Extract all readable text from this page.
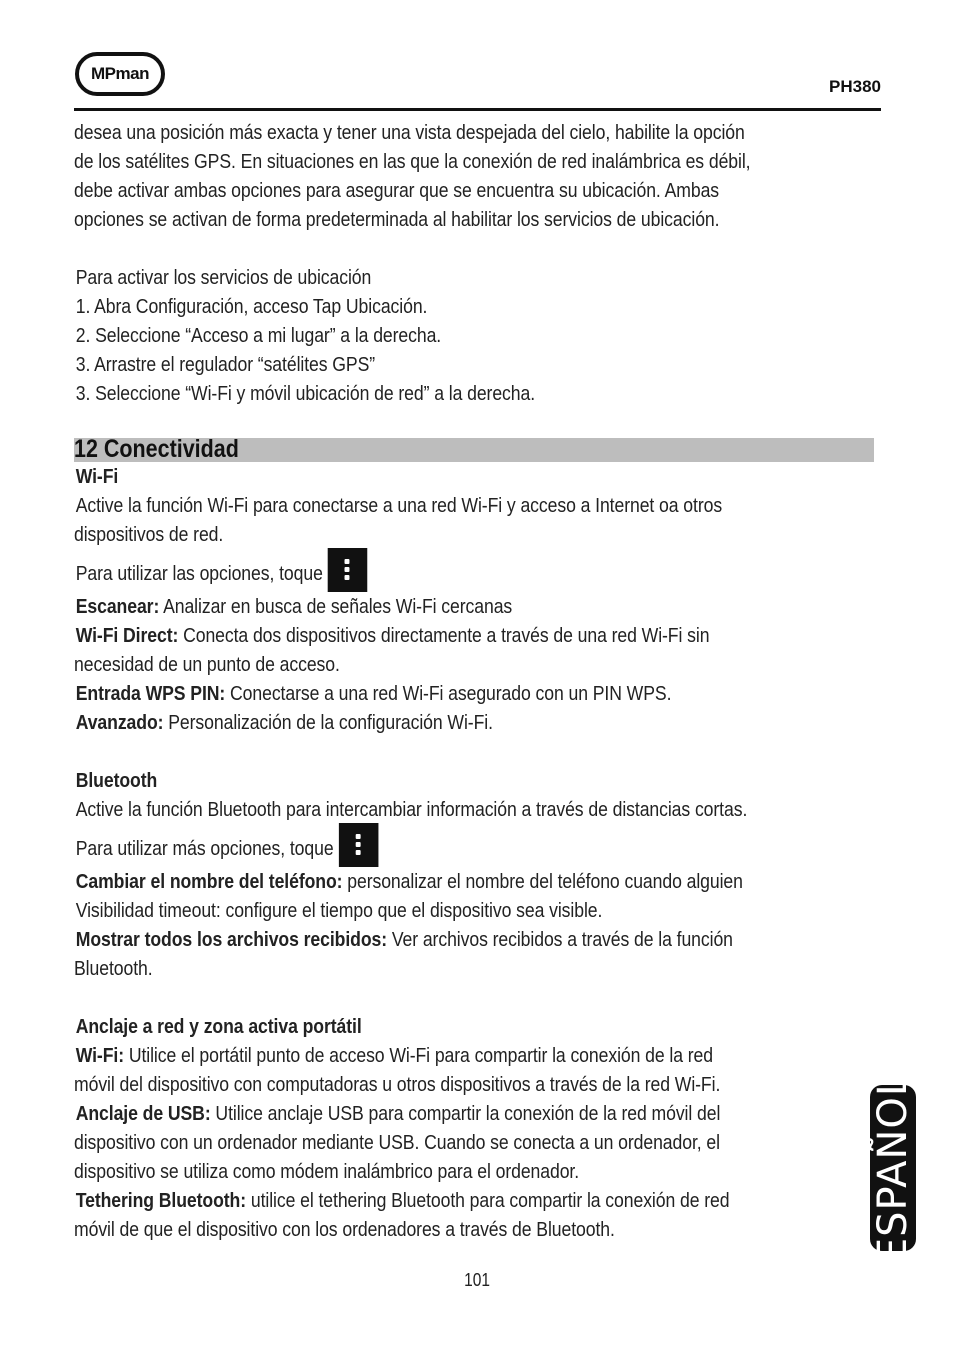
MPman
PH380
desea una posición más exacta y tener una vista despejada del cielo, habilite la opción
de los satélites GPS. En situaciones en las que la conexión de red inalámbrica es débil,
debe activar ambas opciones para asegurar que se encuentra su ubicación. Ambas
opciones se activan de forma predeterminada al habilitar los servicios de ubicación.
Para activar los servicios de ubicación
1. Abra Configuración, acceso Tap Ubicación.
2. Seleccione “Acceso a mi lugar” a la derecha.
3. Arrastre el regulador “satélites GPS”
3. Seleccione “Wi-Fi y móvil ubicación de red” a la derecha.
12 Conectividad
Wi-Fi
Active la función Wi-Fi para conectarse a una red Wi-Fi y acceso a Internet oa otros
dispositivos de red.
Para utilizar las opciones, toque
Escanear: Analizar en busca de señales Wi-Fi cercanas
Wi-Fi Direct: Conecta dos dispositivos directamente a través de una red Wi-Fi sin
necesidad de un punto de acceso.
Entrada WPS PIN: Conectarse a una red Wi-Fi asegurado con un PIN WPS.
Avanzado: Personalización de la configuración Wi-Fi.
Bluetooth
Active la función Bluetooth para intercambiar información a través de distancias cortas.
Para utilizar más opciones, toque
Cambiar el nombre del teléfono: personalizar el nombre del teléfono cuando alguien
Visibilidad timeout: configure el tiempo que el dispositivo sea visible.
Mostrar todos los archivos recibidos: Ver archivos recibidos a través de la función
Bluetooth.
Anclaje a red y zona activa portátil
Wi-Fi: Utilice el portátil punto de acceso Wi-Fi para compartir la conexión de la red
móvil del dispositivo con computadoras u otros dispositivos a través de la red Wi-Fi.
Anclaje de USB: Utilice anclaje USB para compartir la conexión de la red móvil del
dispositivo con un ordenador mediante USB. Cuando se conecta a un ordenador, el
dispositivo se utiliza como módem inalámbrico para el ordenador.
Tethering Bluetooth: utilice el tethering Bluetooth para compartir la conexión de red
móvil de que el dispositivo con los ordenadores a través de Bluetooth.
101
ESPAÑOL
